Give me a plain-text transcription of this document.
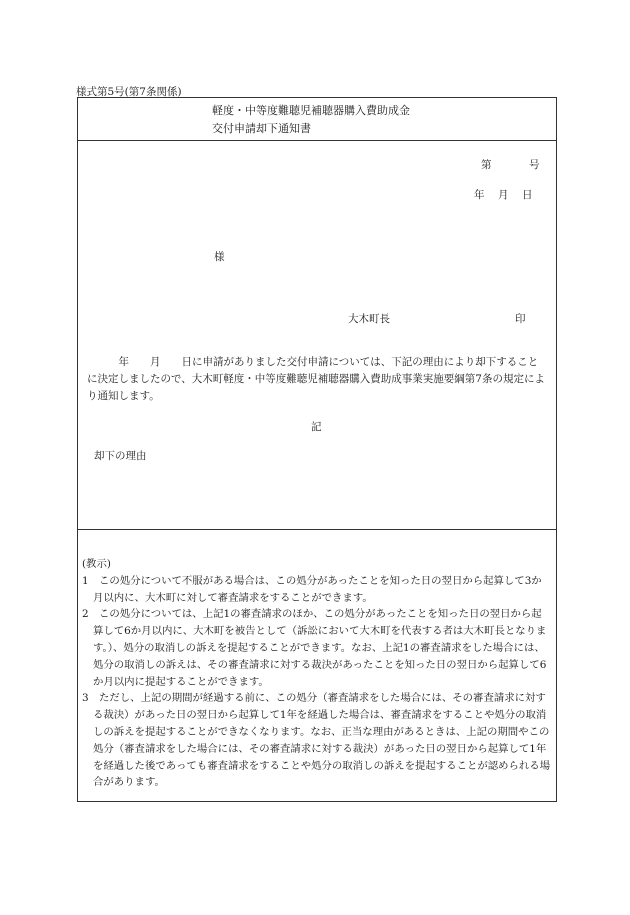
様式第5号(第7条関係)
軽度・中等度難聴児補聴器購入費助成金
交付申請却下通知書
第	号
年 月 日
様
大木町長	印
　　　年　　月　　日に申請がありました交付申請については、下記の理由により却下することに決定しましたので、大木町軽度・中等度難聴児補聴器購入費助成事業実施要綱第7条の規定により通知します。
記
却下の理由

(教示)

1　この処分について不服がある場合は、この処分があったことを知った日の翌日から起算して3か月以内に、大木町に対して審査請求をすることができます。

2　この処分については、上記1の審査請求のほか、この処分があったことを知った日の翌日から起算して6か月以内に、大木町を被告として（訴訟において大木町を代表する者は大木町長となります。）、処分の取消しの訴えを提起することができます。なお、上記1の審査請求をした場合には、処分の取消しの訴えは、その審査請求に対する裁決があったことを知った日の翌日から起算して6か月以内に提起することができます。

3　ただし、上記の期間が経過する前に、この処分（審査請求をした場合には、その審査請求に対する裁決）があった日の翌日から起算して1年を経過した場合は、審査請求をすることや処分の取消しの訴えを提起することができなくなります。なお、正当な理由があるときは、上記の期間やこの処分（審査請求をした場合には、その審査請求に対する裁決）があった日の翌日から起算して1年を経過した後であっても審査請求をすることや処分の取消しの訴えを提起することが認められる場合があります。
